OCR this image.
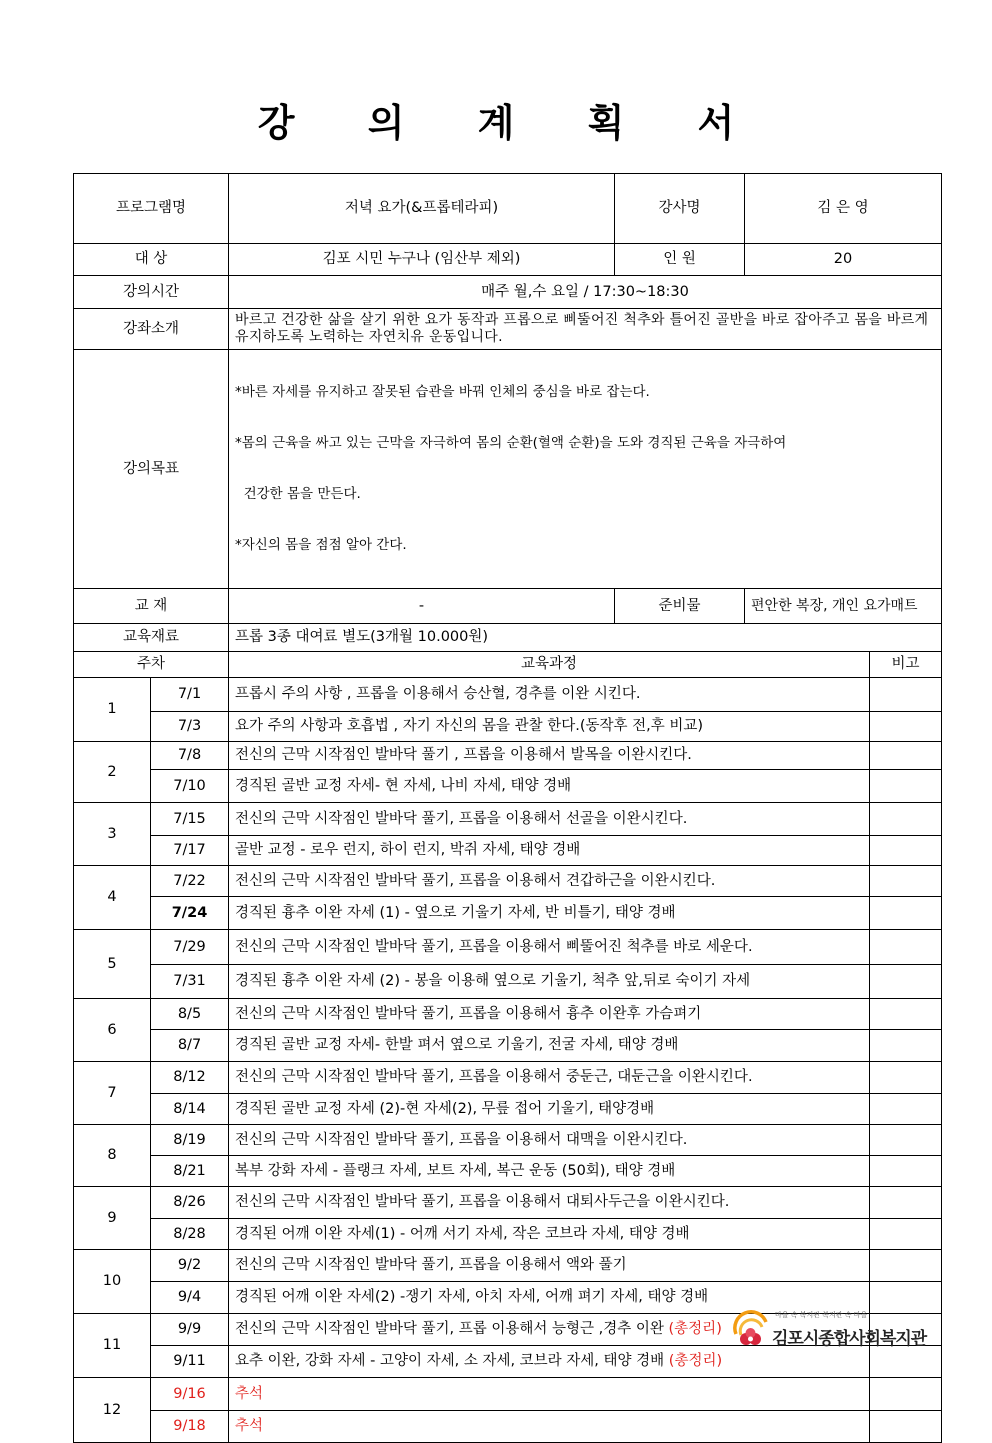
강 의 계 획 서
프로그램명		저녁 요가(&프롭테라피)	강사명	김 은 영	
대 상		김포 시민 누구나 (임산부 제외)	인 원	20	
강의시간		매주 월,수 요일 / 17:30~18:30			
강좌소개		바르고 건강한 삶을 살기 위한 요가 동작과 프롭으로 삐뚤어진 척추와 틀어진 골반을 바로 잡아주고 몸을 바르게 유지하도록 노력하는 자연치유 운동입니다.			
강의목표		*바른 자세를 유지하고 잘못된 습관을 바꿔 인체의 중심을 바로 잡는다.

*몸의 근육을 싸고 있는 근막을 자극하여 몸의 순환(혈액 순환)을 도와 경직된 근육을 자극하여

건강한 몸을 만든다.

*자신의 몸을 점점 알아 간다.			

교 재		-	준비물	편안한 복장, 개인 요가매트	
교육재료		프롭 3종 대여료 별도(3개월 10.000원)			
주차		교육과정			비고
1	7/1	프롭시 주의 사항 , 프롭을 이용해서 승산혈, 경추를 이완 시킨다.			
	7/3	요가 주의 사항과 호흡법 , 자기 자신의 몸을 관찰 한다.(동작후 전,후 비교)			
2	7/8	전신의 근막 시작점인 발바닥 풀기 , 프롭을 이용해서 발목을 이완시킨다.			
	7/10	경직된 골반 교정 자세- 현 자세, 나비 자세, 태양 경배			
3	7/15	전신의 근막 시작점인 발바닥 풀기, 프롭을 이용해서 선골을 이완시킨다.			
	7/17	골반 교정 - 로우 런지, 하이 런지, 박쥐 자세, 태양 경배			
4	7/22	전신의 근막 시작점인 발바닥 풀기, 프롭을 이용해서 견갑하근을 이완시킨다.			
	7/24	경직된 흉추 이완 자세 (1) - 옆으로 기울기 자세, 반 비틀기, 태양 경배			
5	7/29	전신의 근막 시작점인 발바닥 풀기, 프롭을 이용해서 삐뚤어진 척추를 바로 세운다.			
	7/31	경직된 흉추 이완 자세 (2) - 봉을 이용해 옆으로 기울기, 척추 앞,뒤로 숙이기 자세			
6	8/5	전신의 근막 시작점인 발바닥 풀기, 프롭을 이용해서 흉추 이완후 가슴펴기			
	8/7	경직된 골반 교정 자세- 한발 펴서 옆으로 기울기, 전굴 자세, 태양 경배			
7	8/12	전신의 근막 시작점인 발바닥 풀기, 프롭을 이용해서 중둔근, 대둔근을 이완시킨다.			
	8/14	경직된 골반 교정 자세 (2)-현 자세(2), 무릎 접어 기울기, 태양경배			
8	8/19	전신의 근막 시작점인 발바닥 풀기, 프롭을 이용해서 대맥을 이완시킨다.			
	8/21	복부 강화 자세 - 플랭크 자세, 보트 자세, 복근 운동 (50회), 태양 경배			
9	8/26	전신의 근막 시작점인 발바닥 풀기, 프롭을 이용해서 대퇴사두근을 이완시킨다.			
	8/28	경직된 어깨 이완 자세(1) - 어깨 서기 자세, 작은 코브라 자세, 태양 경배			
10	9/2	전신의 근막 시작점인 발바닥 풀기, 프롭을 이용해서 액와 풀기			
	9/4	경직된 어깨 이완 자세(2) -쟁기 자세, 아치 자세, 어깨 펴기 자세, 태양 경배			
11	9/9	전신의 근막 시작점인 발바닥 풀기, 프롭 이용해서 능형근 ,경추 이완 (총정리)			
	9/11	요추 이완, 강화 자세 - 고양이 자세, 소 자세, 코브라 자세, 태양 경배 (총정리)			
12	9/16	추석			
	9/18	추석			
마을 속 복지관 복지관 속 마을
김포시종합사회복지관
